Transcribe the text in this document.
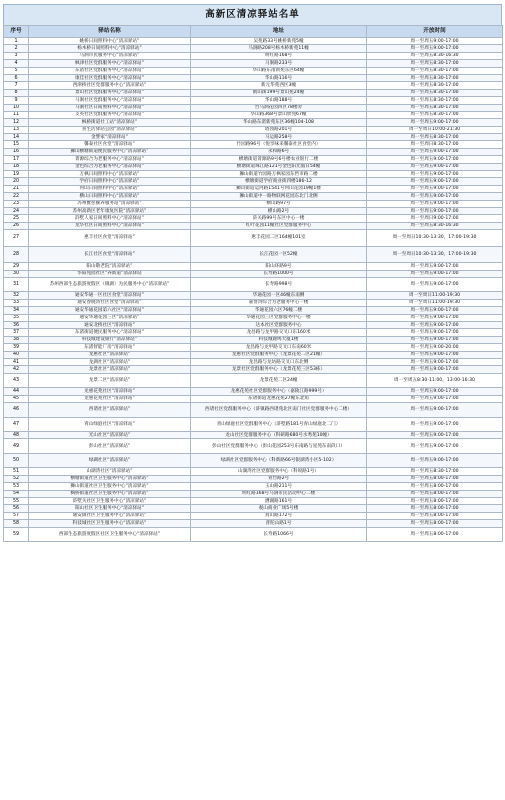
高新区清凉驿站名单
序号	驿站名称	地址	开放时间
1	姚桥日间照料中心“清凉驿站”	吴苑路33号姚桥新苑5幢	周一至周五9:00-17:00
2	杨木桥日间照料中心“清凉驿站”	马涧路208号杨木桥新苑11幢	周一至周五9:00-17:00
3	马涧市民服务中心“清凉驿站”	明红路168号	周一至周五8:30-16:30
4	枫津社区党群服务中心“清凉驿站”	马涧路233号	周一至周五8:30-17:00
5	东渚社区党群服务中心“清凉驿站”	华山路东渚新苑东区64幢	周一至周五8:30-17:00
6	康佳社区党群服务中心“清凉驿站”	华山路116号	周一至周五8:30-17:00
7	西津桥社区党群服务中心“清凉驿站”	新元华苑西区3幢	周一至周五8:30-17:00
8	景山社区党群服务中心“清凉驿站”	鹤山街199号景山苑24幢	周一至周五8:30-17:00
9	马涧社区党群服务中心“清凉驿站”	华山路188号	周一至周五8:30-17:00
10	马涧社区日间照料中心“清凉驿站”	台马涧花园四区78楼旁	周一至周五8:30-17:00
11	支英社区党群服务中心“清凉驿站”	华山路368号景山欣苑67幢	周一至周五8:30-17:00
12	枫桥街道社工站“清凉驿站”	华山路东渚新苑东区36幢104-108	周一至周五9:00-17:00
13	喜生活驿站公园“清凉驿站”	塔园路201号	周一至周日10:00-21:30
14	金譬家“清凉驿站”	马运路258号	周一至周五8:30-17:00
15	馨泰社区食堂“清凉驿站”	竹园路96号（悦享味来馨泰社区食堂内）	周一至周日8:30-17:00
16	狮山横塘街道便民服务中心“清凉驿站”	永和路6号	周一至周五9:00-17:00
17	菁源综合为老服务中心“清凉驿站”	横塘街道菁源路9号6号楼农业银行二楼	周一至周五9:00-17:00
18	金色综合为老服务中心“清凉驿站”	横塘街道珠江路121号金色阳光假日54幢	周一至周五9:00-17:00
19	万枫日间照料中心“清凉驿站”	狮山街道竹园路万枫家园东哲市路二楼	周一至周五9:00-17:00
20	学府日间照料中心“清凉驿站”	横塘街道学府商业街四楼186-12	周一至周五9:00-17:00
21	何山日间照料中心“清凉驿站”	狮山街道运河路1541号何山花园19幢1楼	周一至周五9:00-17:00
22	横山日间照料中心“清凉驿站”	狮山街道中一路物联网花园东北门北侧	周一至周五9:00-17:00
23	苏州雅慈颐养服务站“清凉驿站”	横山路97号	周一至周五9:00-17:00
24	苏州高新区老年康复医院“清凉驿站”	横山路2号	周一至周五9:00-17:00
25	浒墅人家日间照料中心“清凉驿站”	浒关路99号东区中心一楼	周一至周日9:00-17:00
26	龙华社区日间照料中心“清凉驿站”	红叶花园11幢社区党群服务中心	周一至周五8:30-16:30
27	惠丰社区食堂“清凉驿站”	惠丰花园二区164幢101室	周一至周日10:30-13:30，17:00-19:30
28	长江社区食堂“清凉驿站”	长江花园一区52幢	周一至周日10:30-13:30，17:00-19:30
29	阳山敬老院“清凉驿站”	阳山环路9号	周一至周五9:00-17:00
30	华阳苑园社区“养新道”清凉驿站	长寿路1000号	周一至周五9:00-17:00
31	苏州西部生态旅游度假区（镇湖）为民服务中心“清凉驿站”	长寿路998号	周一至周五9:00-17:00
32	通安华通一区社区食堂“清凉驿站”	华通花园一区46幢东南侧	周一至周日11:00-19:30
33	通安春晓湾社区食堂“清凉驿站”	嘉誉湾综合为老服务中心一楼	周一至周日11:00-19:30
34	通安华通花园第六社区“清凉驿站”	华通花园六区76幢二楼	周一至周五9:00-17:00
35	通安华通花园三区“清凉驿站”	华通花园三区党群服务中心一楼	周一至周五9:00-17:00
36	通安北桥社区“清凉驿站”	达本社区党群服务中心	周一至周五9:00-17:00
37	东渚街道便民服务中心“清凉驿站”	龙昌路与龙甲路交叉口东160米	周一至周五9:00-17:00
38	科技城建设银行“清凉驿站”	科技城鹿鸣大厦1楼	周一至周五9:00-17:00
39	东渚智能厂房“清凉驿站”	龙昌路与龙甲路交叉口东南60米	周一至周五9:00-20:00
40	龙惠社区“清凉驿站”	龙惠社区党群服务中心（龙景花苑二区21幢）	周一至周五9:00-17:00
41	龙湖社区“清凉驿站”	龙昌路与龙坊路交叉口东北侧	周一至周五9:00-17:00
42	龙景社区“清凉驿站”	龙景社区党群服务中心（龙景花苑三区53栋）	周一至周五9:00-17:00
43	龙景二区“清凉驿站”	龙景花苑二区24幢	周一至周五8:30-11:00，13:00-16:30
44	龙惠花苑社区“清凉驿站”	龙惠花苑社区党群服务中心（嘉陵江路999号）	周一至周五9:00-17:00
45	龙惠花苑社区“清凉驿站”	东诸街道龙惠花苑27幢东北角	周一至周五9:00-17:00
46	西诸社区“清凉驿站”	西诸社区党群服务中心（浒镇路西诸苑北区南门社区党群服务中心二楼）	周一至周五9:00-17:00
47	青山绿庭社区“清凉驿站”	青山绿庭社区党群服务中心（浒墅路181号青山绿庭北二门）	周一至周五9:00-17:00
48	光山社区“清凉驿站”	龙山社区党群服务中心（科研路680号水秀苑10幢）	周一至周五9:00-17:00
49	彭山社区“清凉驿站”	彭山社区党群服务中心（彭山花园253号东南路与星苑东南段口）	周一至周五9:00-17:00
50	绿湖社区“清凉驿站”	绿湖社区党群服务中心（科新路66号银湖湾小区5-102）	周一至周五9:00-17:00
51	山湖湾社区“清凉驿站”	山湖湾社区党群服务中心（科锐路1号）	周一至周五8:30-17:00
52	横塘街道社区卫生服务中心“清凉驿站”	青台路2号	周一至周五8:00-17:00
53	狮山街道社区卫生服务中心“清凉驿站”	玉山路211号	周一至周五8:00-17:00
54	枫桥街道社区卫生服务中心“清凉驿站”	明红路168号马涧市民活动中心二楼	周一至周五8:00-17:00
55	浒墅关社区卫生服务中心“清凉驿站”	漕湖路161号	周一至周五8:00-17:00
56	阳山社区卫生服务中心“清凉驿站”	观山商业广场5号楼	周一至周五8:00-17:00
57	通安镇社区卫生服务中心“清凉驿站”	真山路172号	周一至周五8:00-17:00
58	科技城社区卫生服务中心“清凉驿站”	普陀山路1号	周一至周五8:00-17:00
59	西部生态旅游度假区社区卫生服务中心“清凉驿站”	长寿路1066号	周一至周五8:00-17:00
